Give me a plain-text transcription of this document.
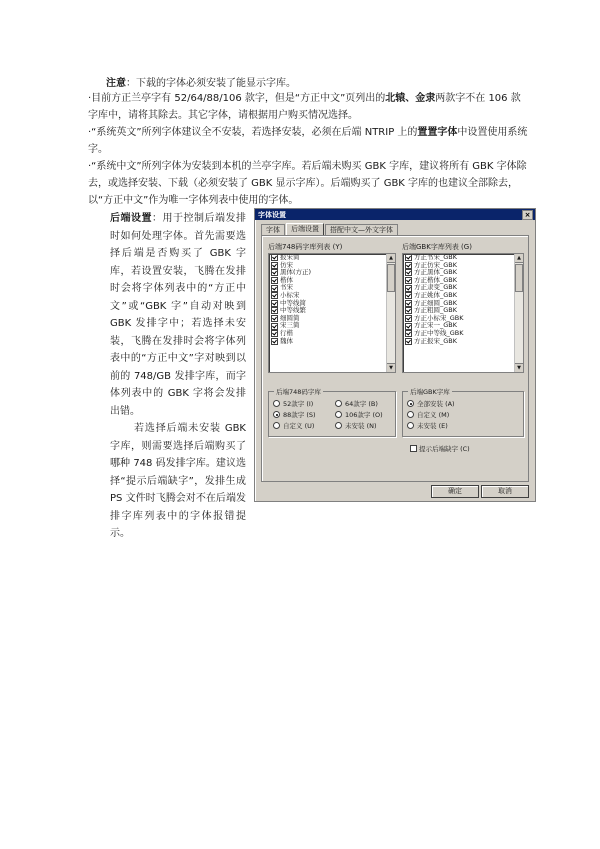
注意：下载的字体必须安装了能显示字库。

·目前方正兰亭字有 52/64/88/106 款字，但是“方正中文”页列出的北辕、金隶两款字不在 106 款字库中，请将其除去。其它字体，请根据用户购买情况选择。

·“系统英文”所列字体建议全不安装，若选择安装，必须在后端 NTRIP 上的置置字体中设置使用系统字。

·“系统中文”所列字体为安装到本机的兰亭字库。若后端未购买 GBK 字库，建议将所有 GBK 字体除去，或选择安装、下载（必须安装了 GBK 显示字库）。后端购买了 GBK 字库的也建议全部除去，以“方正中文”作为唯一字体列表中使用的字体。

后端设置：用于控制后端发排时如何处理字体。首先需要选择后端是否购买了 GBK 字库，若设置安装，飞腾在发排时会将字体列表中的“方正中文”或“GBK 字”自动对映到 GBK 发排字中；若选择未安装，飞腾在发排时会将字体列表中的“方正中文”字对映到以前的 748/GB 发排字库，而字体列表中的 GBK 字将会发排出错。

若选择后端未安装 GBK 字库，则需要选择后端购买了哪种 748 码发排字库。建议选择“提示后端缺字”，发排生成 PS 文件时飞腾会对不在后端发排字库列表中的字体报错提示。

字体设置	×
字体	后端设置	搭配中文—外文字体
后端748码字库列表 (Y)	后端GBK字库列表 (G)
报宋简
仿宋
黑体(方正)
楷体
书宋
小标宋
中等线简
中等线繁
细圆简
宋三简
行楷
魏体
▲
▼
方正书宋_GBK
方正仿宋_GBK
方正黑体_GBK
方正楷体_GBK
方正隶变_GBK
方正姚体_GBK
方正细圆_GBK
方正粗圆_GBK
方正小标宋_GBK
方正宋一_GBK
方正中等线_GBK
方正报宋_GBK
▲
▼
后端748码字库
52款字 (I)	64款字 (B)
88款字 (S)	106款字 (O)
自定义 (U)	未安装 (N)
后端GBK字库
全部安装 (A)
自定义 (M)
未安装 (E)
提示后端缺字 (C)
确定	取消
